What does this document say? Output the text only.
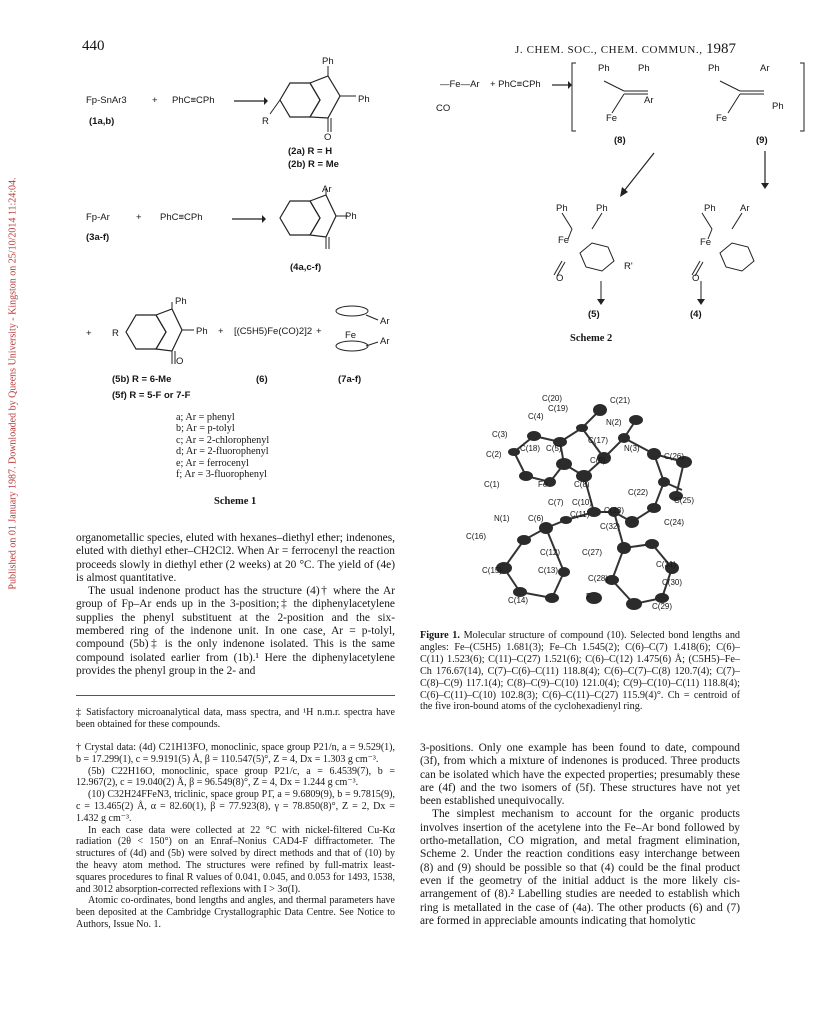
440	J. CHEM. SOC., CHEM. COMMUN., 1987
Published on 01 January 1987. Downloaded by Queens University - Kingston on 25/10/2014 11:24:04.
Fp-SnAr3
(1a,b)
+ PhC≡CPh
Ph
Ph
R
O
(2a) R = H
(2b) R = Me
Fp-Ar
(3a-f)
+ PhC≡CPh
Ar
Ph
(4a,c-f)
+ R
Ph
Ph
O
+ [(C5H5)Fe(CO)2]2 + Fe
Ar
Ar
(5b) R = 6-Me
(5f) R = 5-F or 7-F
(6)	(7a-f)
a; Ar = phenyl
b; Ar = p-tolyl
c; Ar = 2-chlorophenyl
d; Ar = 2-fluorophenyl
e; Ar = ferrocenyl
f; Ar = 3-fluorophenyl
Scheme 1
—Fe—Ar
CO
+ PhC≡CPh →
Ph	Ph
Fe
Ar
Ph	Ar
Fe
Ph
(8)	(9)
Ph	Ph
Fe
R'
O
Ph	Ar
Fe
O
(5)	(4)
Scheme 2
C(20)	C(21)
C(19)
C(4)
N(2)
C(3)
C(18) C(5)
C(17)
C(2)
C(9)
N(3)
C(26)
C(1)	Fe	C(8)
C(22)
C(25)
C(7) C(10)
C(23)
N(1) C(6)	C(11)
C(24)
C(32)
C(16)
C(12)	C(27)
C(31)
C(15)	C(13)
C(28)	C(30)
F
C(14)
C(29)
Figure 1. Molecular structure of compound (10). Selected bond lengths and angles: Fe–(C5H5) 1.681(3); Fe–Ch 1.545(2); C(6)–C(7) 1.418(6); C(6)–C(11) 1.523(6); C(11)–C(27) 1.521(6); C(6)–C(12) 1.475(6) Å; (C5H5)–Fe–Ch 176.67(14), C(7)–C(6)–C(11) 118.8(4); C(6)–C(7)–C(8) 120.7(4); C(7)–C(8)–C(9) 117.1(4); C(8)–C(9)–C(10) 121.0(4); C(9)–C(10)–C(11) 118.8(4); C(6)–C(11)–C(10) 102.8(3); C(6)–C(11)–C(27) 115.9(4)°. Ch = centroid of the five iron-bound atoms of the cyclohexadienyl ring.

organometallic species, eluted with hexanes–diethyl ether; indenones, eluted with diethyl ether–CH2Cl2. When Ar = ferrocenyl the reaction proceeds slowly in diethyl ether (2 weeks) at 20 °C. The yield of (4e) is almost quantitative.

The usual indenone product has the structure (4)† where the Ar group of Fp–Ar ends up in the 3-position;‡ the diphenylacetylene supplies the phenyl substituent at the 2-position and the six-membered ring of the indenone unit. In one case, Ar = p-tolyl, compound (5b)‡ is the only indenone isolated. This is the same compound isolated earlier from (1b).¹ Here the diphenylacetylene provides the phenyl group in the 2- and

‡ Satisfactory microanalytical data, mass spectra, and ¹H n.m.r. spectra have been obtained for these compounds.

† Crystal data: (4d) C21H13FO, monoclinic, space group P21/n, a = 9.529(1), b = 17.299(1), c = 9.9191(5) Å, β = 110.547(5)°, Z = 4, Dx = 1.303 g cm⁻³.

(5b) C22H16O, monoclinic, space group P21/c, a = 6.4539(7), b = 12.967(2), c = 19.040(2) Å, β = 96.549(8)°, Z = 4, Dx = 1.244 g cm⁻³.

(10) C32H24FFeN3, triclinic, space group P1̄, a = 9.6809(9), b = 9.7815(9), c = 13.465(2) Å, α = 82.60(1), β = 77.923(8), γ = 78.850(8)°, Z = 2, Dx = 1.432 g cm⁻³.

In each case data were collected at 22 °C with nickel-filtered Cu-Kα radiation (2θ < 150°) on an Enraf–Nonius CAD4-F diffractometer. The structures of (4d) and (5b) were solved by direct methods and that of (10) by the heavy atom method. The structures were refined by full-matrix least-squares procedures to final R values of 0.041, 0.045, and 0.053 for 1493, 1538, and 3012 absorption-corrected reflexions with I > 3σ(I).

Atomic co-ordinates, bond lengths and angles, and thermal parameters have been deposited at the Cambridge Crystallographic Data Centre. See Notice to Authors, Issue No. 1.

3-positions. Only one example has been found to date, compound (3f), from which a mixture of indenones is produced. Three products can be isolated which have the expected properties; presumably these are (4f) and the two isomers of (5f). These structures have not yet been established unequivocally.

The simplest mechanism to account for the organic products involves insertion of the acetylene into the Fe–Ar bond followed by ortho-metallation, CO migration, and metal fragment elimination, Scheme 2. Under the reaction conditions easy interchange between (8) and (9) should be possible so that (4) could be the final product even if the geometry of the initial adduct is the more likely cis-arrangement of (8).² Labelling studies are needed to establish which ring is metallated in the case of (4a). The other products (6) and (7) are formed in appreciable amounts indicating that homolytic
